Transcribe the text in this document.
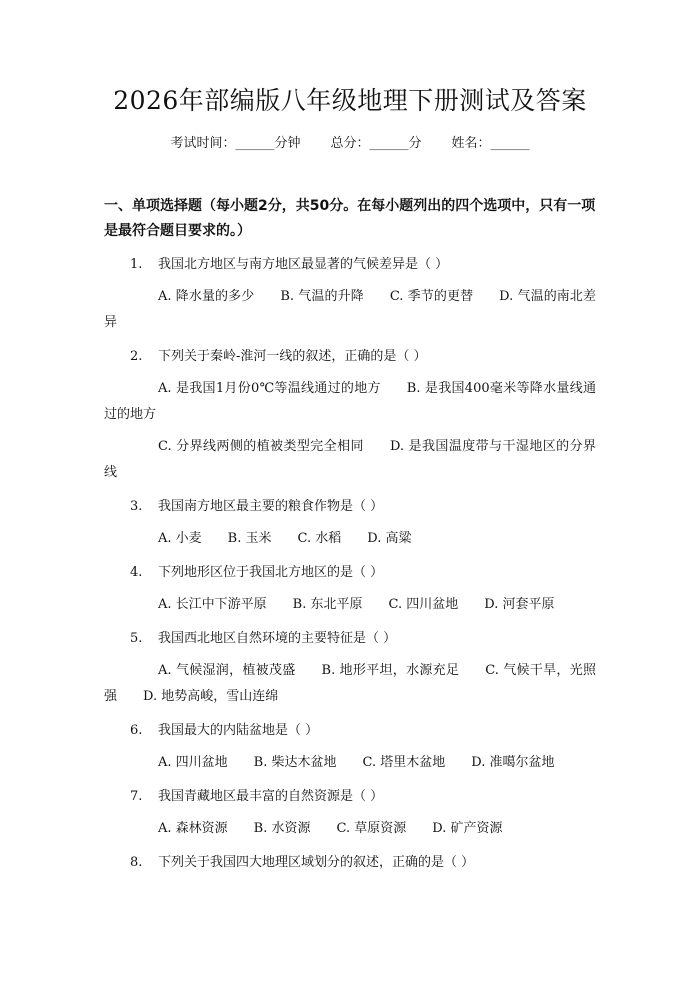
2026年部编版八年级地理下册测试及答案
考试时间：______分钟 总分：______分 姓名：______
一、单项选择题（每小题2分，共50分。在每小题列出的四个选项中，只有一项是最符合题目要求的。）
1. 我国北方地区与南方地区最显著的气候差异是（ ）
A. 降水量的多少 B. 气温的升降 C. 季节的更替 D. 气温的南北差异
2. 下列关于秦岭-淮河一线的叙述，正确的是（ ）
A. 是我国1月份0℃等温线通过的地方 B. 是我国400毫米等降水量线通过的地方
C. 分界线两侧的植被类型完全相同 D. 是我国温度带与干湿地区的分界线
3. 我国南方地区最主要的粮食作物是（ ）
A. 小麦 B. 玉米 C. 水稻 D. 高粱
4. 下列地形区位于我国北方地区的是（ ）
A. 长江中下游平原 B. 东北平原 C. 四川盆地 D. 河套平原
5. 我国西北地区自然环境的主要特征是（ ）
A. 气候湿润，植被茂盛 B. 地形平坦，水源充足 C. 气候干旱，光照强 D. 地势高峻，雪山连绵
6. 我国最大的内陆盆地是（ ）
A. 四川盆地 B. 柴达木盆地 C. 塔里木盆地 D. 准噶尔盆地
7. 我国青藏地区最丰富的自然资源是（ ）
A. 森林资源 B. 水资源 C. 草原资源 D. 矿产资源
8. 下列关于我国四大地理区域划分的叙述，正确的是（ ）
